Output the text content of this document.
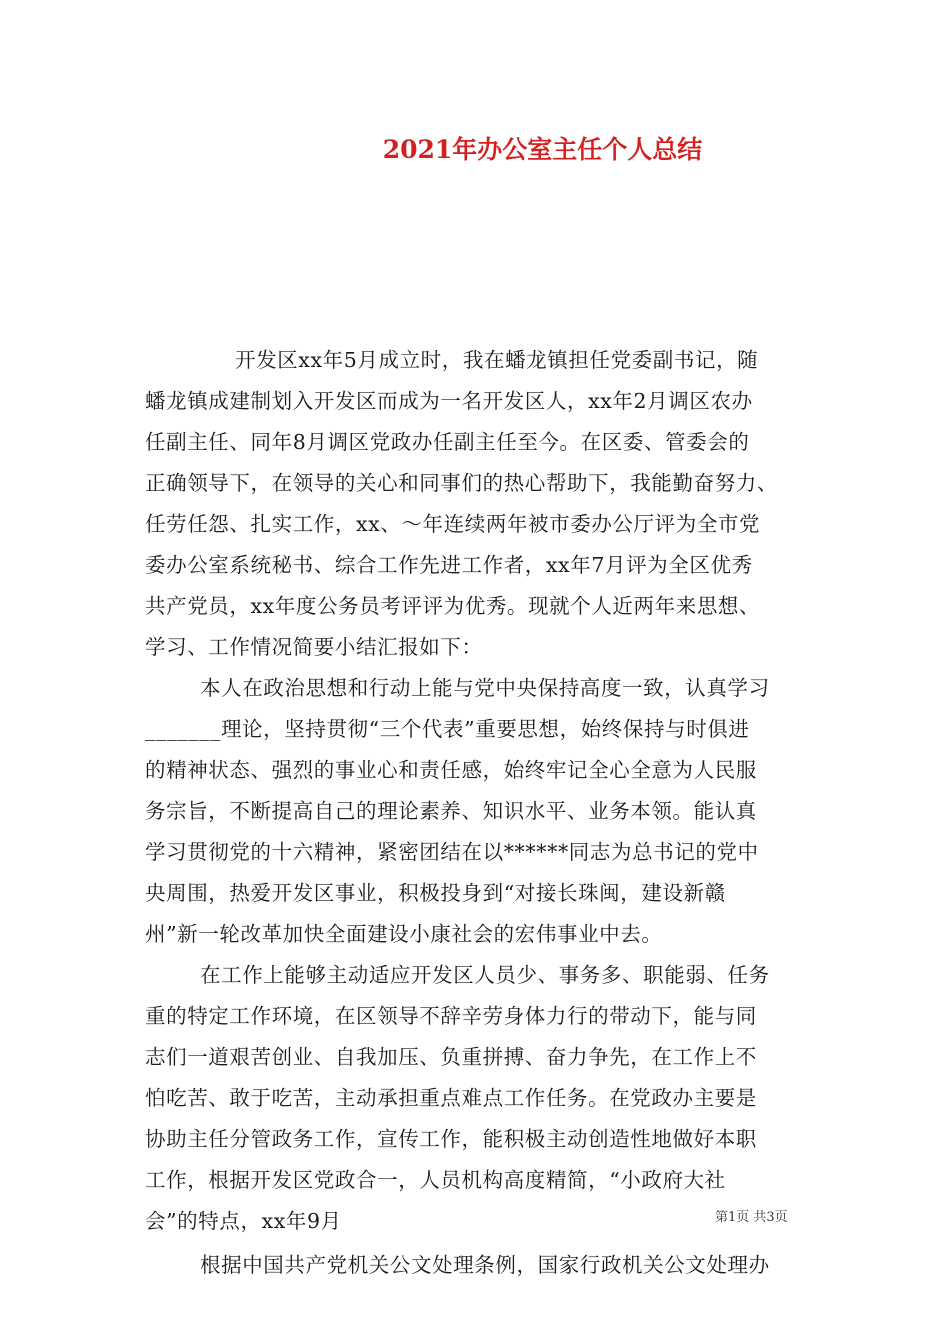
2021年办公室主任个人总结
开发区xx年5月成立时，我在蟠龙镇担任党委副书记，随
蟠龙镇成建制划入开发区而成为一名开发区人，xx年2月调区农办
任副主任、同年8月调区党政办任副主任至今。在区委、管委会的
正确领导下，在领导的关心和同事们的热心帮助下，我能勤奋努力、
任劳任怨、扎实工作，xx、～年连续两年被市委办公厅评为全市党
委办公室系统秘书、综合工作先进工作者，xx年7月评为全区优秀
共产党员，xx年度公务员考评评为优秀。现就个人近两年来思想、
学习、工作情况简要小结汇报如下：
本人在政治思想和行动上能与党中央保持高度一致，认真学习
_______理论，坚持贯彻“三个代表”重要思想，始终保持与时俱进
的精神状态、强烈的事业心和责任感，始终牢记全心全意为人民服
务宗旨，不断提高自己的理论素养、知识水平、业务本领。能认真
学习贯彻党的十六精神，紧密团结在以******同志为总书记的党中
央周围，热爱开发区事业，积极投身到“对接长珠闽，建设新赣
州”新一轮改革加快全面建设小康社会的宏伟事业中去。
在工作上能够主动适应开发区人员少、事务多、职能弱、任务
重的特定工作环境，在区领导不辞辛劳身体力行的带动下，能与同
志们一道艰苦创业、自我加压、负重拼搏、奋力争先，在工作上不
怕吃苦、敢于吃苦，主动承担重点难点工作任务。在党政办主要是
协助主任分管政务工作，宣传工作，能积极主动创造性地做好本职
工作，根据开发区党政合一，人员机构高度精简，“小政府大社
会”的特点，xx年9月
根据中国共产党机关公文处理条例，国家行政机关公文处理办
第1页 共3页
